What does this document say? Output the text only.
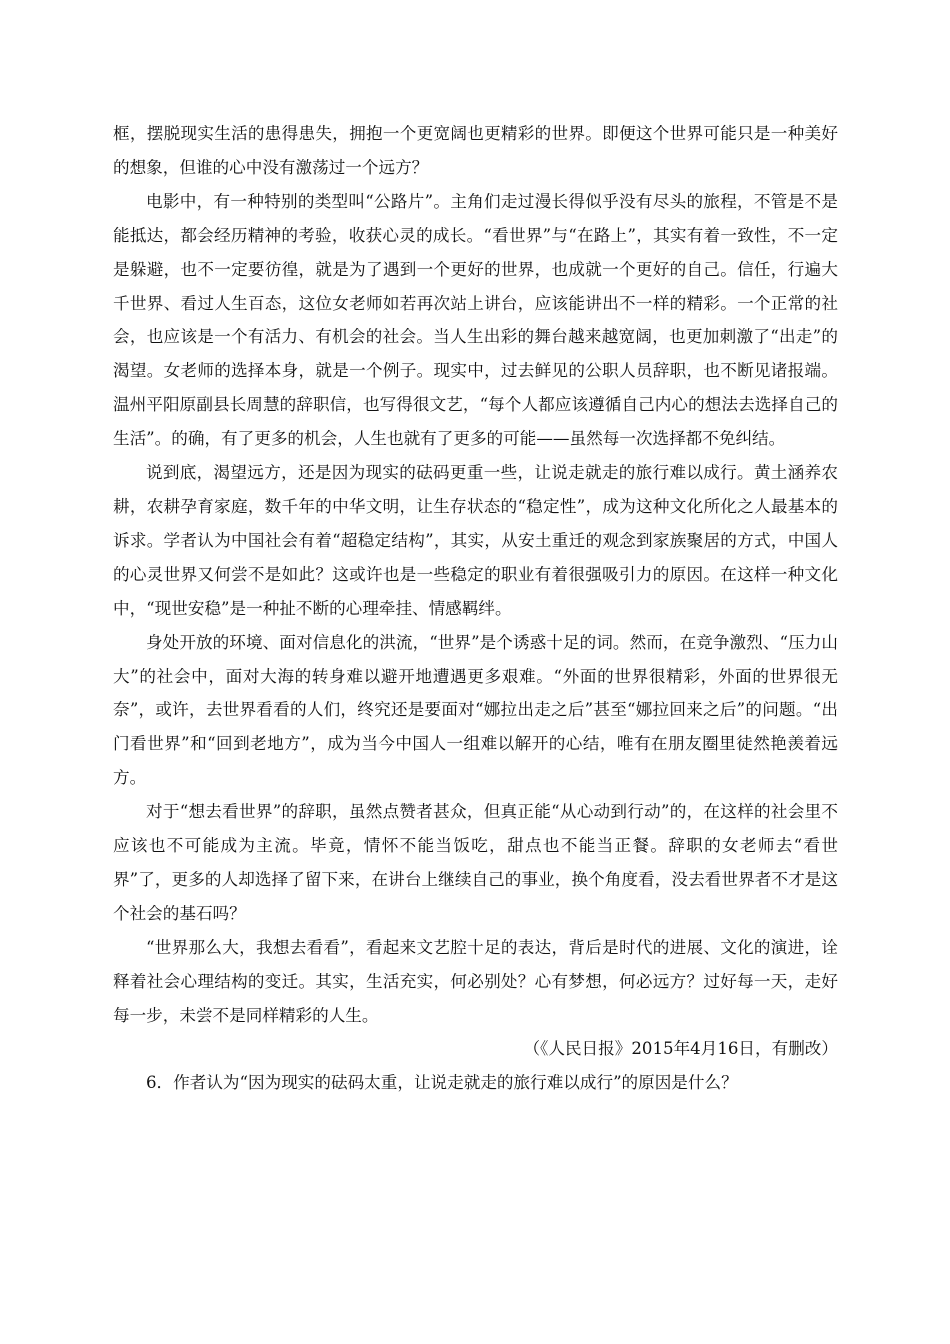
框，摆脱现实生活的患得患失，拥抱一个更宽阔也更精彩的世界。即便这个世界可能只是一种美好的想象，但谁的心中没有激荡过一个远方？

电影中，有一种特别的类型叫“公路片”。主角们走过漫长得似乎没有尽头的旅程，不管是不是能抵达，都会经历精神的考验，收获心灵的成长。“看世界”与“在路上”，其实有着一致性，不一定是躲避，也不一定要彷徨，就是为了遇到一个更好的世界，也成就一个更好的自己。信任，行遍大千世界、看过人生百态，这位女老师如若再次站上讲台，应该能讲出不一样的精彩。一个正常的社会，也应该是一个有活力、有机会的社会。当人生出彩的舞台越来越宽阔，也更加刺激了“出走”的渴望。女老师的选择本身，就是一个例子。现实中，过去鲜见的公职人员辞职，也不断见诸报端。温州平阳原副县长周慧的辞职信，也写得很文艺，“每个人都应该遵循自己内心的想法去选择自己的生活”。的确，有了更多的机会，人生也就有了更多的可能——虽然每一次选择都不免纠结。

说到底，渴望远方，还是因为现实的砝码更重一些，让说走就走的旅行难以成行。黄土涵养农耕，农耕孕育家庭，数千年的中华文明，让生存状态的“稳定性”，成为这种文化所化之人最基本的诉求。学者认为中国社会有着“超稳定结构”，其实，从安土重迁的观念到家族聚居的方式，中国人的心灵世界又何尝不是如此？这或许也是一些稳定的职业有着很强吸引力的原因。在这样一种文化中，“现世安稳”是一种扯不断的心理牵挂、情感羁绊。

身处开放的环境、面对信息化的洪流，“世界”是个诱惑十足的词。然而，在竞争激烈、“压力山大”的社会中，面对大海的转身难以避开地遭遇更多艰难。“外面的世界很精彩，外面的世界很无奈”，或许，去世界看看的人们，终究还是要面对“娜拉出走之后”甚至“娜拉回来之后”的问题。“出门看世界”和“回到老地方”，成为当今中国人一组难以解开的心结，唯有在朋友圈里徒然艳羡着远方。

对于“想去看世界”的辞职，虽然点赞者甚众，但真正能“从心动到行动”的，在这样的社会里不应该也不可能成为主流。毕竟，情怀不能当饭吃，甜点也不能当正餐。辞职的女老师去“看世界”了，更多的人却选择了留下来，在讲台上继续自己的事业，换个角度看，没去看世界者不才是这个社会的基石吗？

“世界那么大，我想去看看”，看起来文艺腔十足的表达，背后是时代的进展、文化的演进，诠释着社会心理结构的变迁。其实，生活充实，何必别处？心有梦想，何必远方？过好每一天，走好每一步，未尝不是同样精彩的人生。

（《人民日报》2015年4月16日，有删改）

6．作者认为“因为现实的砝码太重，让说走就走的旅行难以成行”的原因是什么？
